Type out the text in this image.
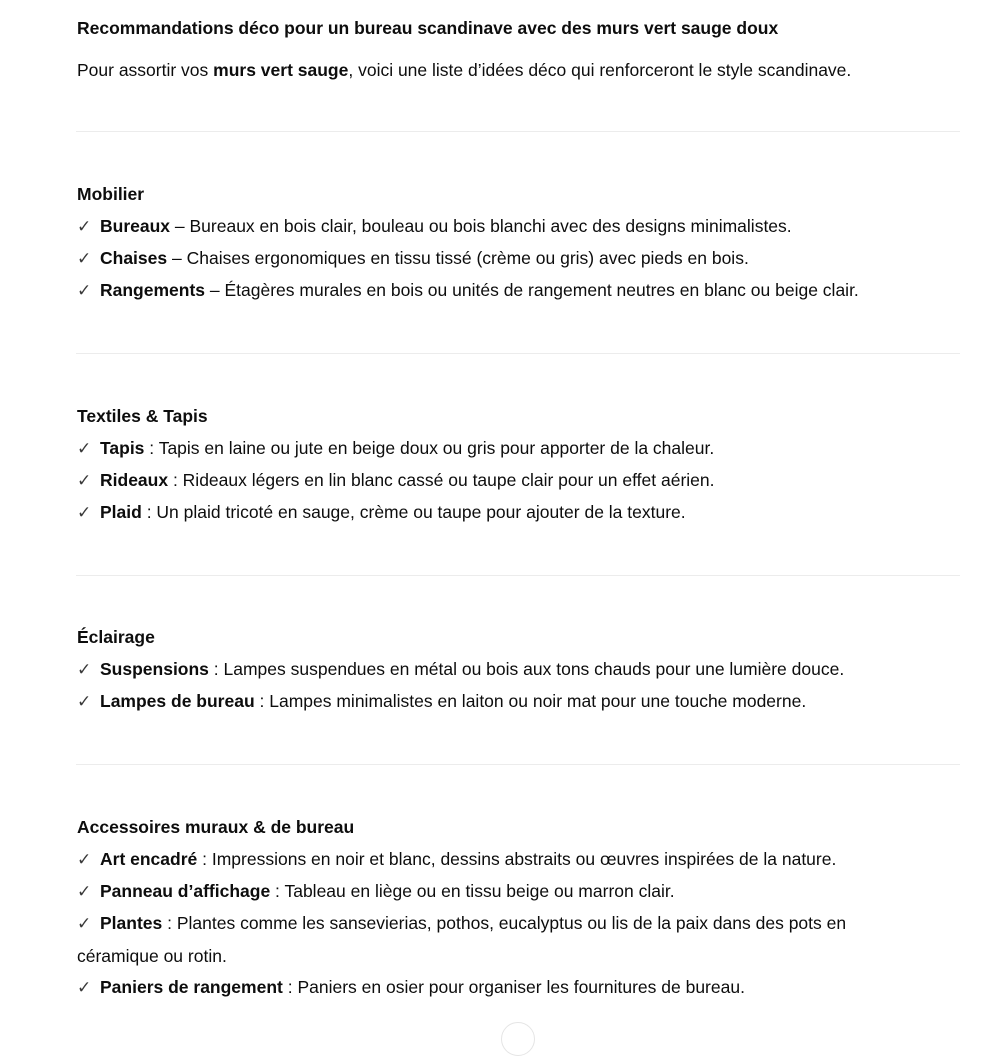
Recommandations déco pour un bureau scandinave avec des murs vert sauge doux
Pour assortir vos murs vert sauge, voici une liste d’idées déco qui renforceront le style scandinave.
Mobilier
✓ Bureaux – Bureaux en bois clair, bouleau ou bois blanchi avec des designs minimalistes.
✓ Chaises – Chaises ergonomiques en tissu tissé (crème ou gris) avec pieds en bois.
✓ Rangements – Étagères murales en bois ou unités de rangement neutres en blanc ou beige clair.
Textiles & Tapis
✓ Tapis : Tapis en laine ou jute en beige doux ou gris pour apporter de la chaleur.
✓ Rideaux : Rideaux légers en lin blanc cassé ou taupe clair pour un effet aérien.
✓ Plaid : Un plaid tricoté en sauge, crème ou taupe pour ajouter de la texture.
Éclairage
✓ Suspensions : Lampes suspendues en métal ou bois aux tons chauds pour une lumière douce.
✓ Lampes de bureau : Lampes minimalistes en laiton ou noir mat pour une touche moderne.
Accessoires muraux & de bureau
✓ Art encadré : Impressions en noir et blanc, dessins abstraits ou œuvres inspirées de la nature.
✓ Panneau d’affichage : Tableau en liège ou en tissu beige ou marron clair.
✓ Plantes : Plantes comme les sansevierias, pothos, eucalyptus ou lis de la paix dans des pots en céramique ou rotin.
✓ Paniers de rangement : Paniers en osier pour organiser les fournitures de bureau.
